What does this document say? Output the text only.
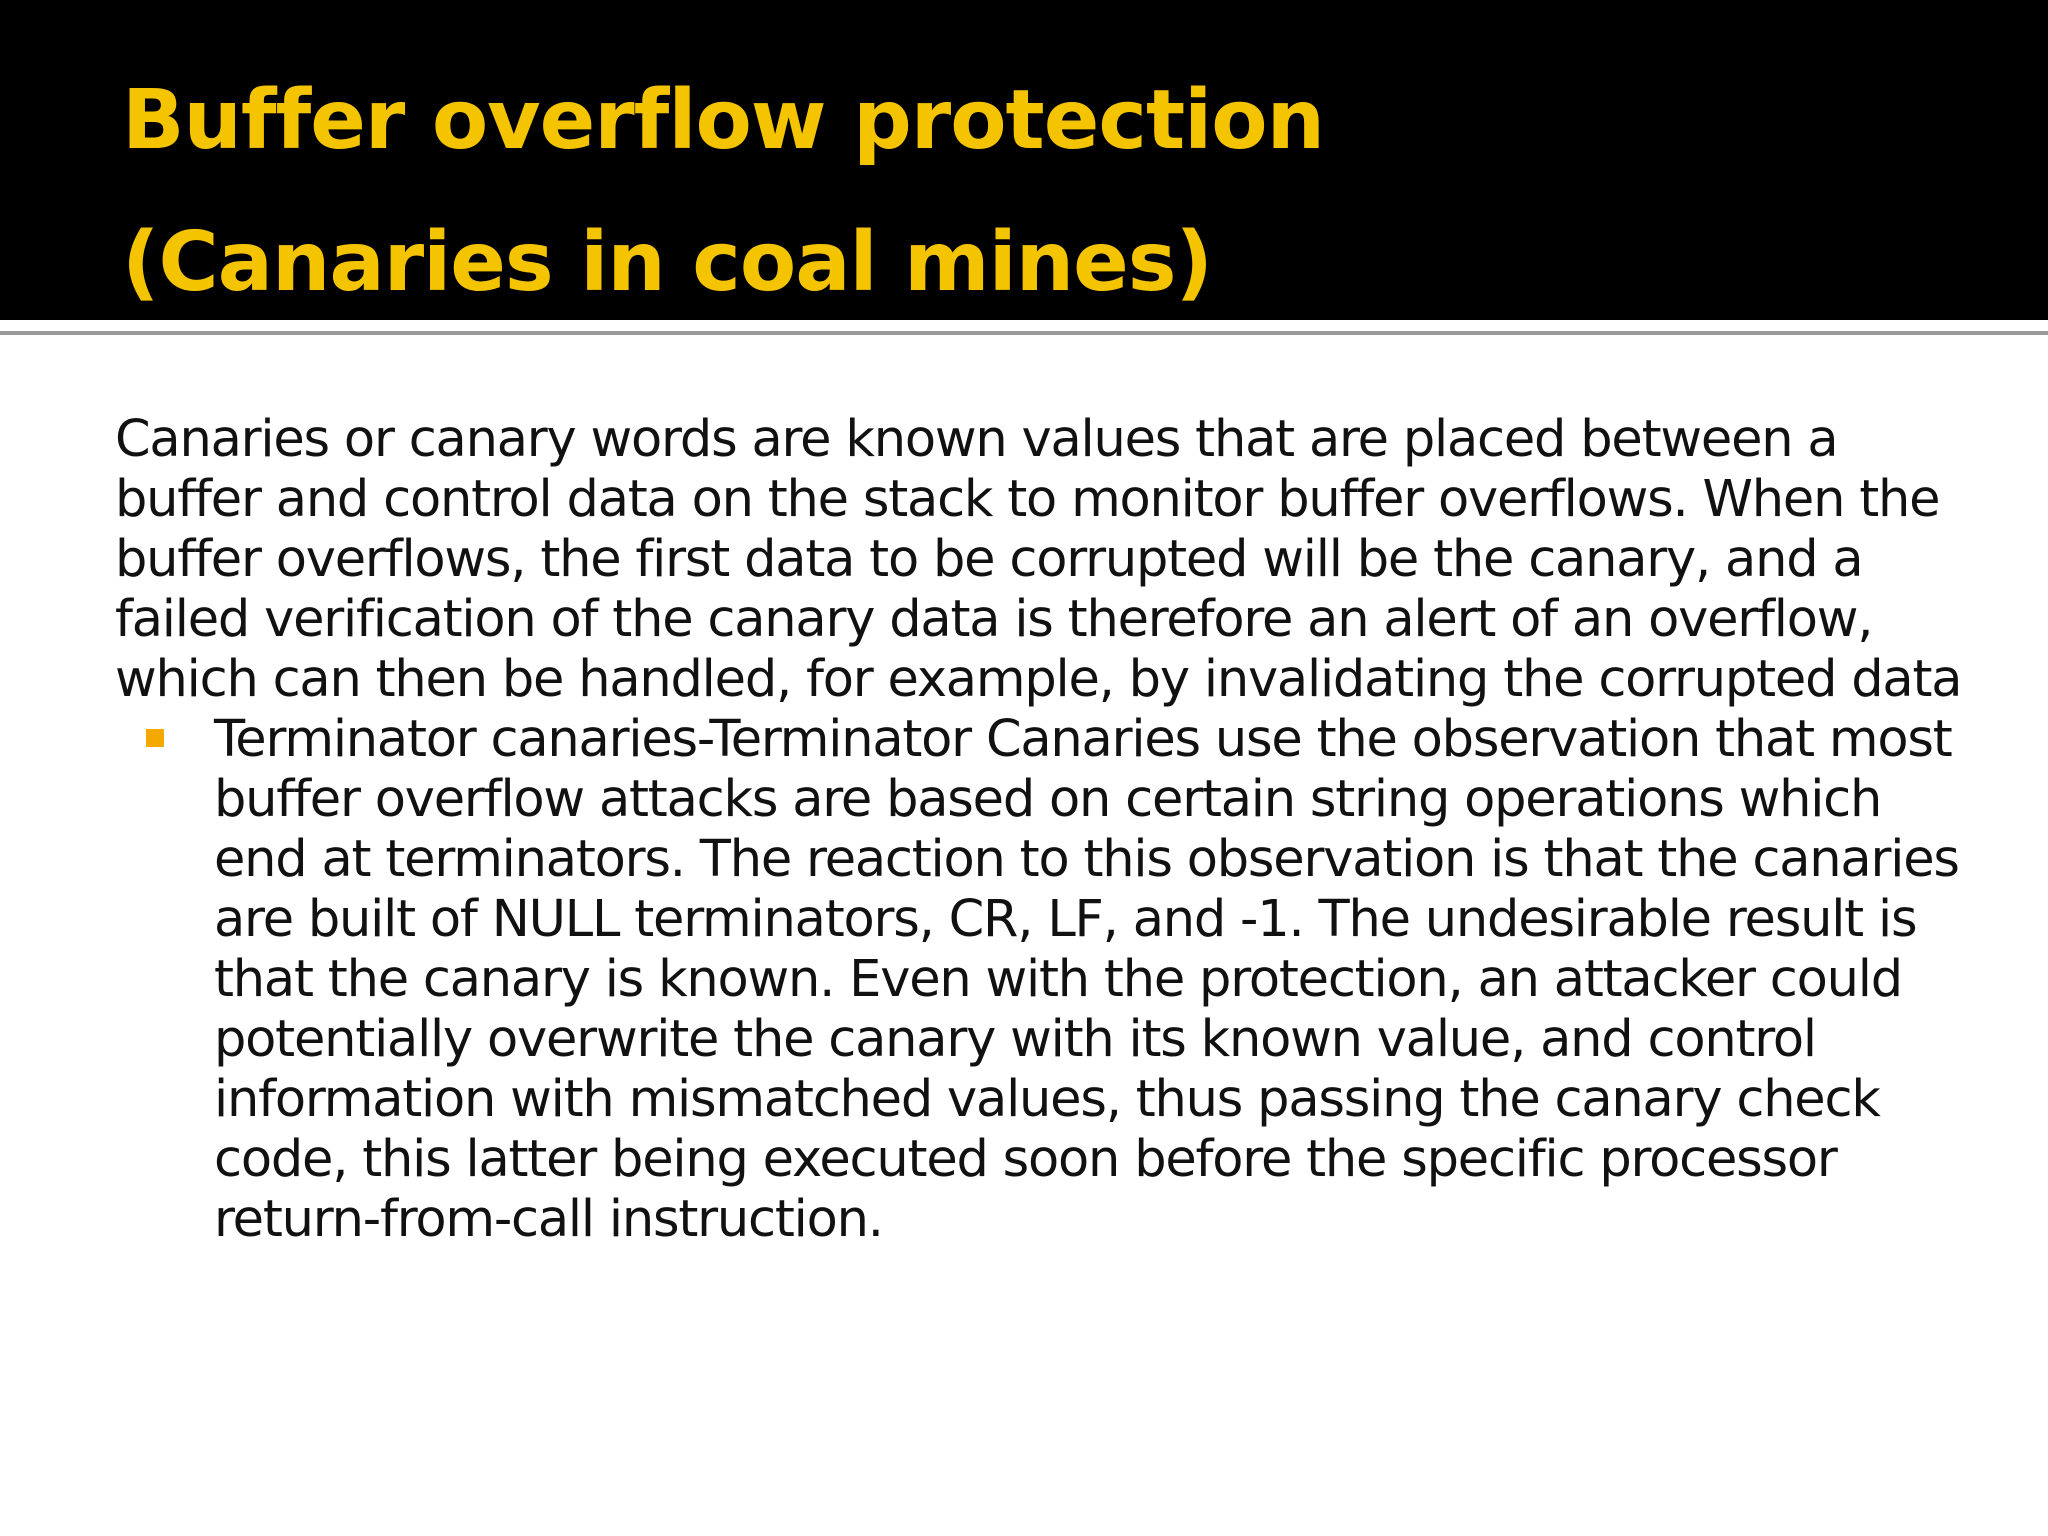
Buffer overflow protection
(Canaries in coal mines)

Canaries or canary words are known values that are placed between a buffer and control data on the stack to monitor buffer overflows. When the buffer overflows, the first data to be corrupted will be the canary, and a failed verification of the canary data is therefore an alert of an overflow, which can then be handled, for example, by invalidating the corrupted data

Terminator canaries-Terminator Canaries use the observation that most buffer overflow attacks are based on certain string operations which end at terminators. The reaction to this observation is that the canaries are built of NULL terminators, CR, LF, and -1. The undesirable result is that the canary is known. Even with the protection, an attacker could potentially overwrite the canary with its known value, and control information with mismatched values, thus passing the canary check code, this latter being executed soon before the specific processor return-from-call instruction.
